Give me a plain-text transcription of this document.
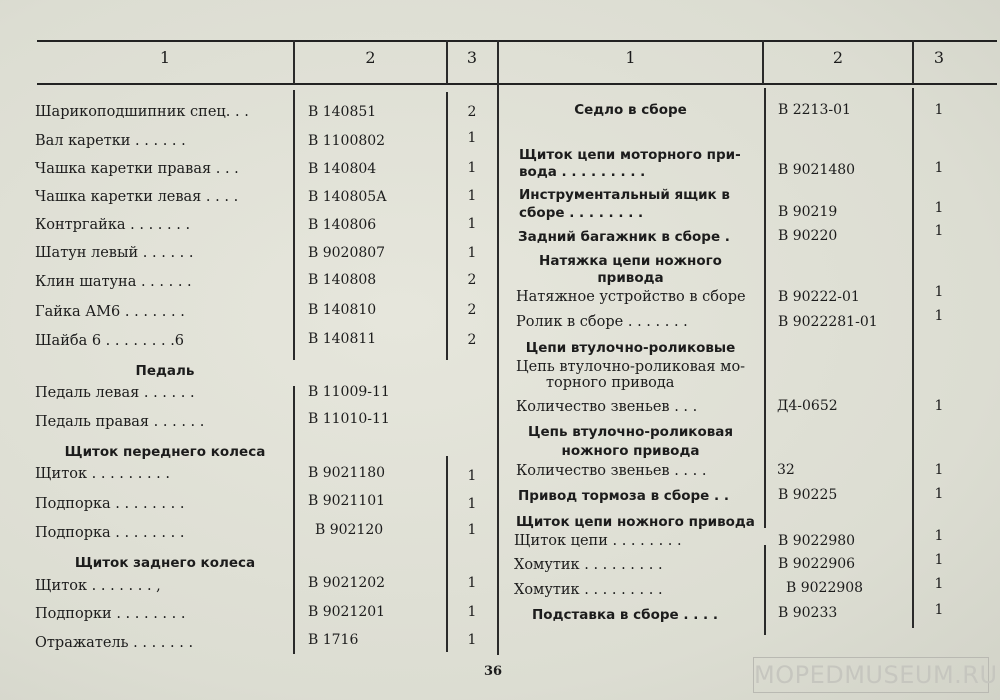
1	2	3	1	2	3
Шарикоподшипник спец. . .	В 140851	2
Вал каретки . . . . . .	В 1100802	1
Чашка каретки правая . . .	В 140804	1
Чашка каретки левая . . . .	В 140805А	1
Контргайка . . . . . . .	В 140806	1
Шатун левый . . . . . .	В 9020807	1
Клин шатуна . . . . . .	В 140808	2
Гайка АМ6 . . . . . . .	В 140810	2
Шайба 6 . . . . . . . .6	В 140811	2
Педаль
Педаль левая . . . . . .	В 11009-11
Педаль правая . . . . . .	В 11010-11
Щиток переднего колеса
Щиток . . . . . . . . .	В 9021180	1
Подпорка . . . . . . . .	В 9021101	1
Подпорка . . . . . . . .	В 902120	1
Щиток заднего колеса
Щиток . . . . . . . ,	В 9021202	1
Подпорки . . . . . . . .	В 9021201	1
Отражатель . . . . . . .	В 1716	1
Седло в сборе	В 2213-01	1
Щиток цепи моторного при-
вода . . . . . . . . .	В 9021480	1
Инструментальный ящик в
сборе . . . . . . . .	В 90219	1
Задний багажник в сборе .	В 90220	1
Натяжка цепи ножного
привода
Натяжное устройство в сборе В 90222-01	1
Ролик в сборе . . . . . . .	В 9022281-01	1
Цепи втулочно-роликовые
Цепь втулочно-роликовая мо-
торного привода
Количество звеньев . . .	Д4-0652	1
Цепь втулочно-роликовая
ножного привода
Количество звеньев . . . .	32	1
Привод тормоза в сборе . .	В 90225	1
Щиток цепи ножного привода
Щиток цепи . . . . . . . .	В 9022980	1
Хомутик . . . . . . . . .	В 9022906	1
Хомутик . . . . . . . . .	В 9022908	1
Подставка в сборе . . . .	В 90233	1
36	MOPEDMUSEUM.RU
